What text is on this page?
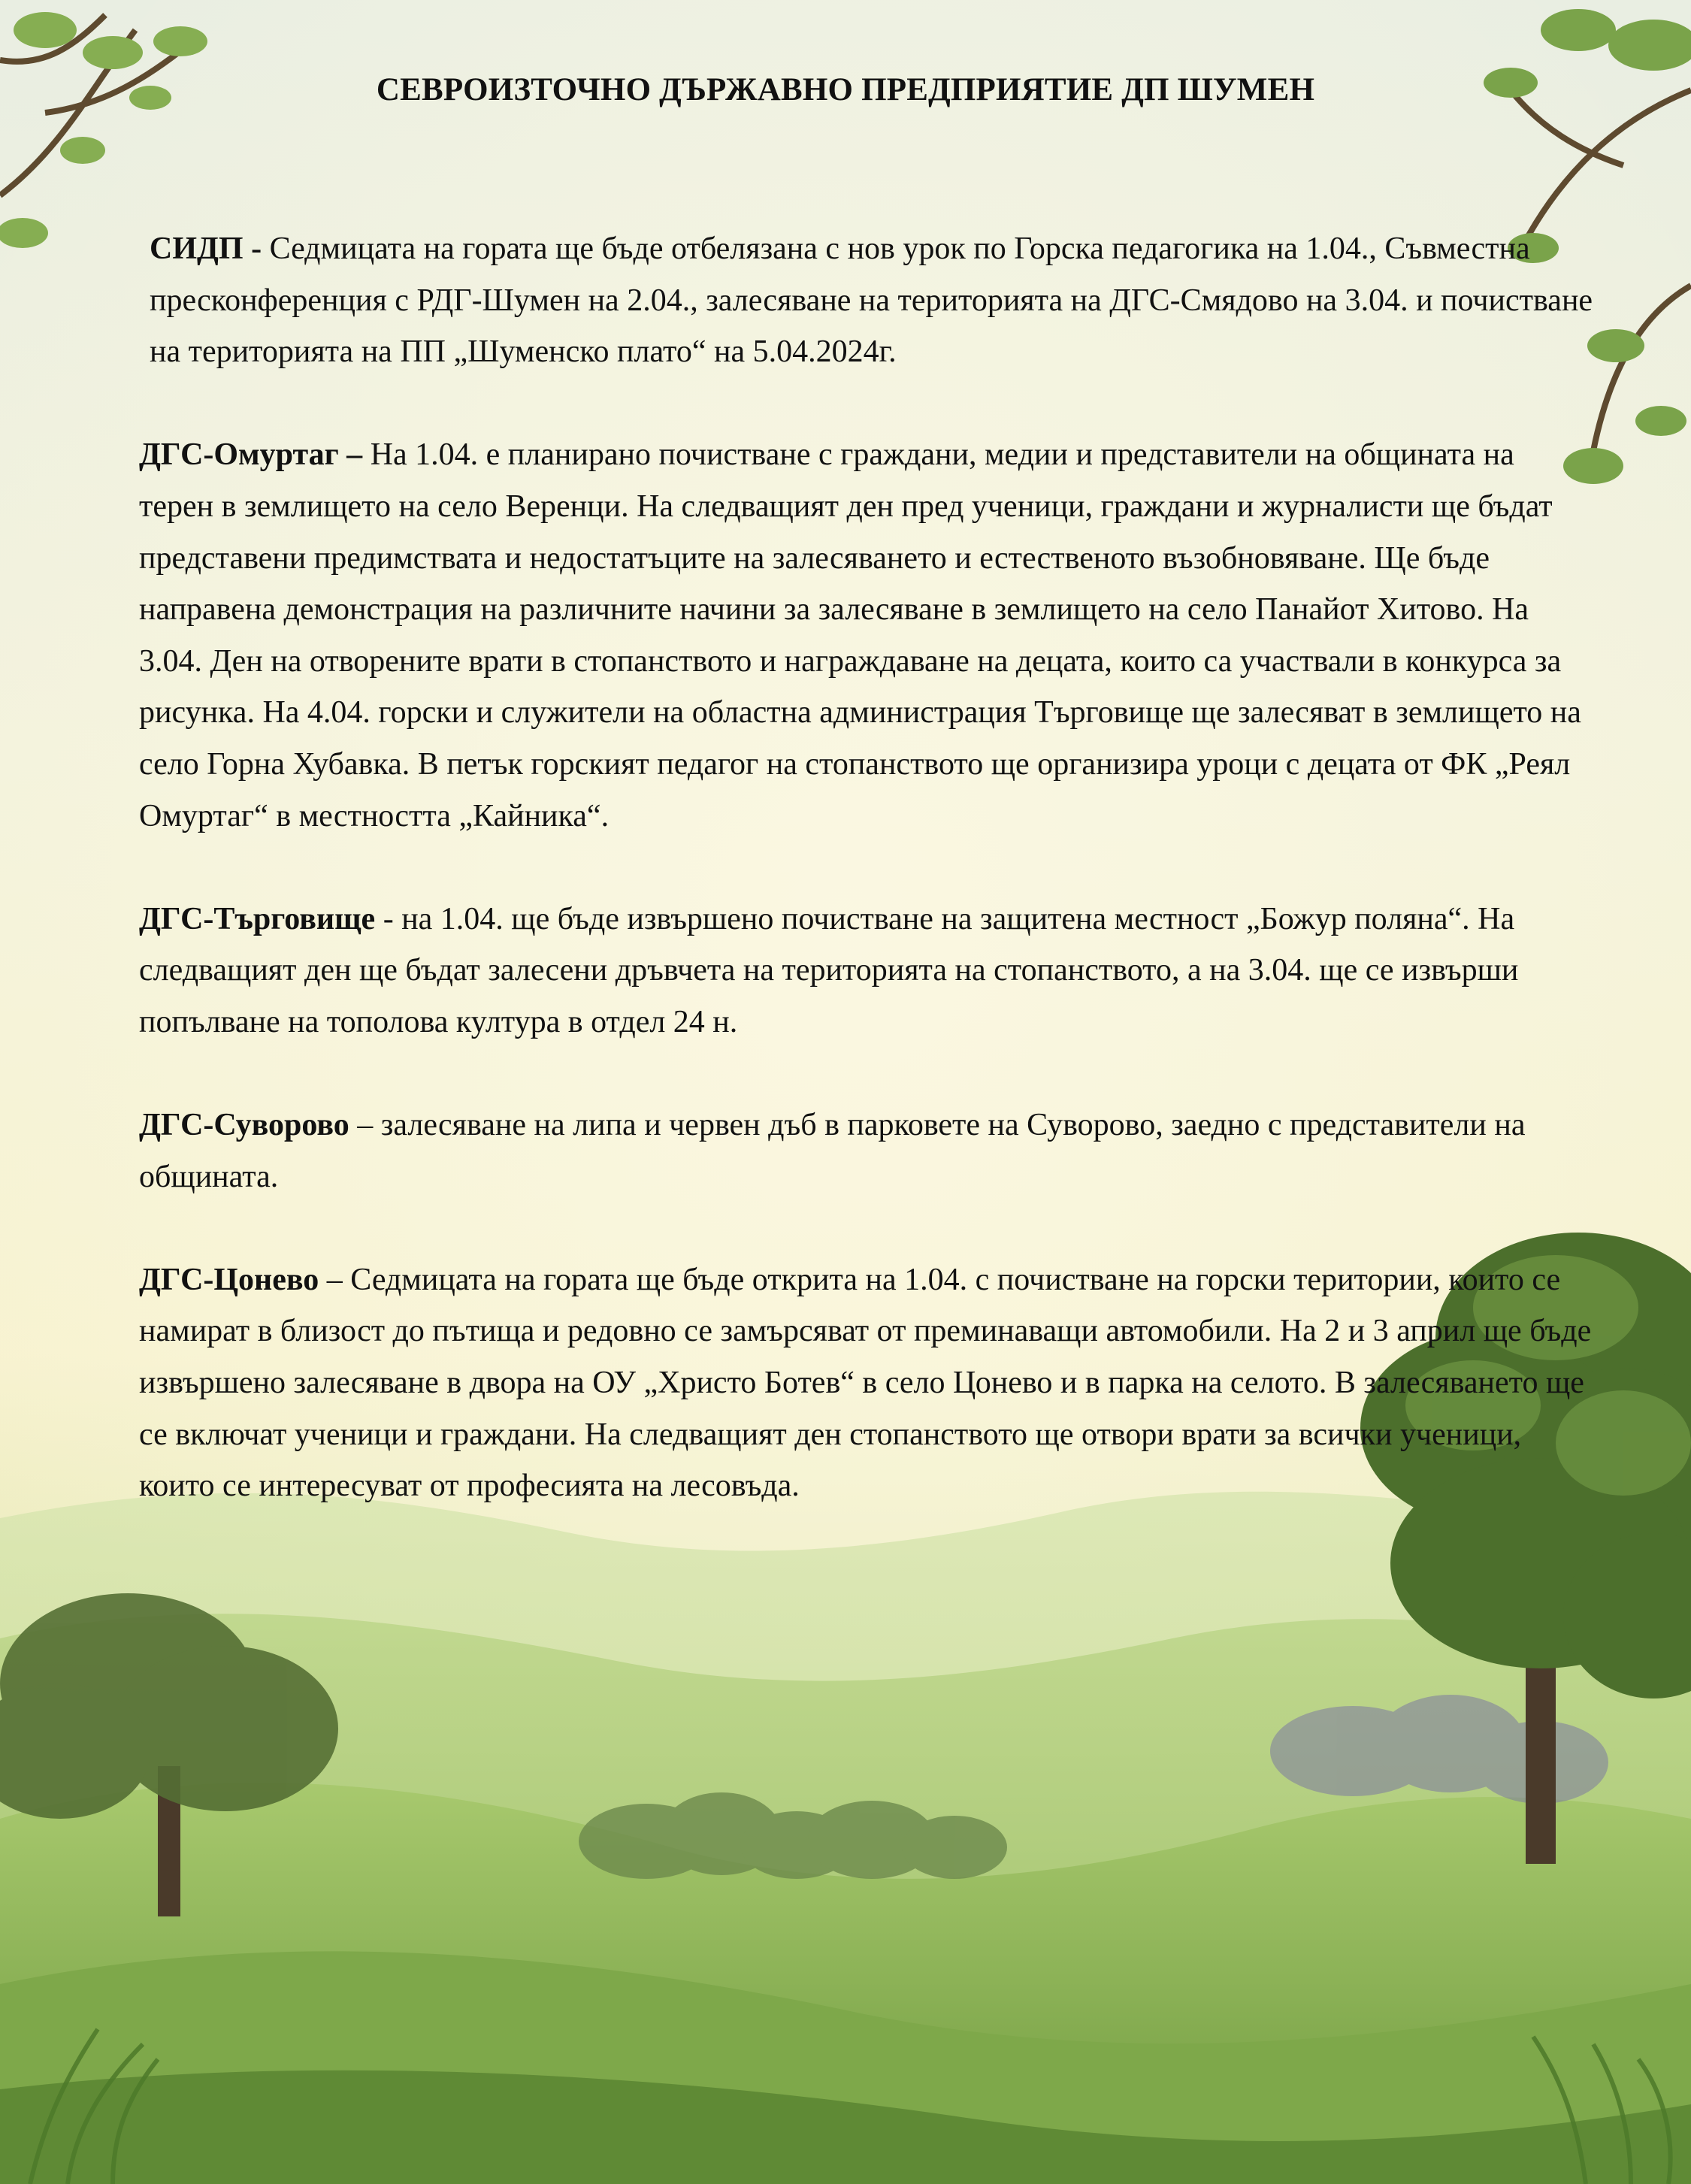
СЕВРОИЗТОЧНО ДЪРЖАВНО ПРЕДПРИЯТИЕ ДП ШУМЕН

СИДП - Седмицата на гората ще бъде отбелязана с нов урок по Горска педагогика на 1.04., Съвместна пресконференция с РДГ-Шумен на 2.04., залесяване на територията на ДГС-Смядово на 3.04. и почистване на територията на ПП „Шуменско плато“ на 5.04.2024г.

ДГС-Омуртаг – На 1.04. е планирано почистване с граждани, медии и представители на общината на терен в землището на село Веренци. На следващият ден пред ученици, граждани и журналисти ще бъдат представени предимствата и недостатъците на залесяването и естественото възобновяване. Ще бъде направена демонстрация на различните начини за залесяване в землището на село Панайот Хитово. На 3.04. Ден на отворените врати в стопанството и награждаване на децата, които са участвали в конкурса за рисунка. На 4.04. горски и служители на областна администрация Търговище ще залесяват в землището на село Горна Хубавка. В петък горският педагог на стопанството ще организира уроци с децата от ФК „Реял Омуртаг“ в местността „Кайника“.

ДГС-Търговище - на 1.04. ще бъде извършено почистване на защитена местност „Божур поляна“. На следващият ден ще бъдат залесени дръвчета на територията на стопанството, а на 3.04. ще се извърши попълване на тополова култура в отдел 24 н.

ДГС-Суворово – залесяване на липа и червен дъб в парковете на Суворово, заедно с представители на общината.

ДГС-Цонево – Седмицата на гората ще бъде открита на 1.04. с почистване на горски територии, които се намират в близост до пътища и редовно се замърсяват от преминаващи автомобили. На 2 и 3 април ще бъде извършено залесяване в двора на ОУ „Христо Ботев“ в село Цонево и в парка на селото. В залесяването ще се включат ученици и граждани. На следващият ден стопанството ще отвори врати за всички ученици, които се интересуват от професията на лесовъда.
